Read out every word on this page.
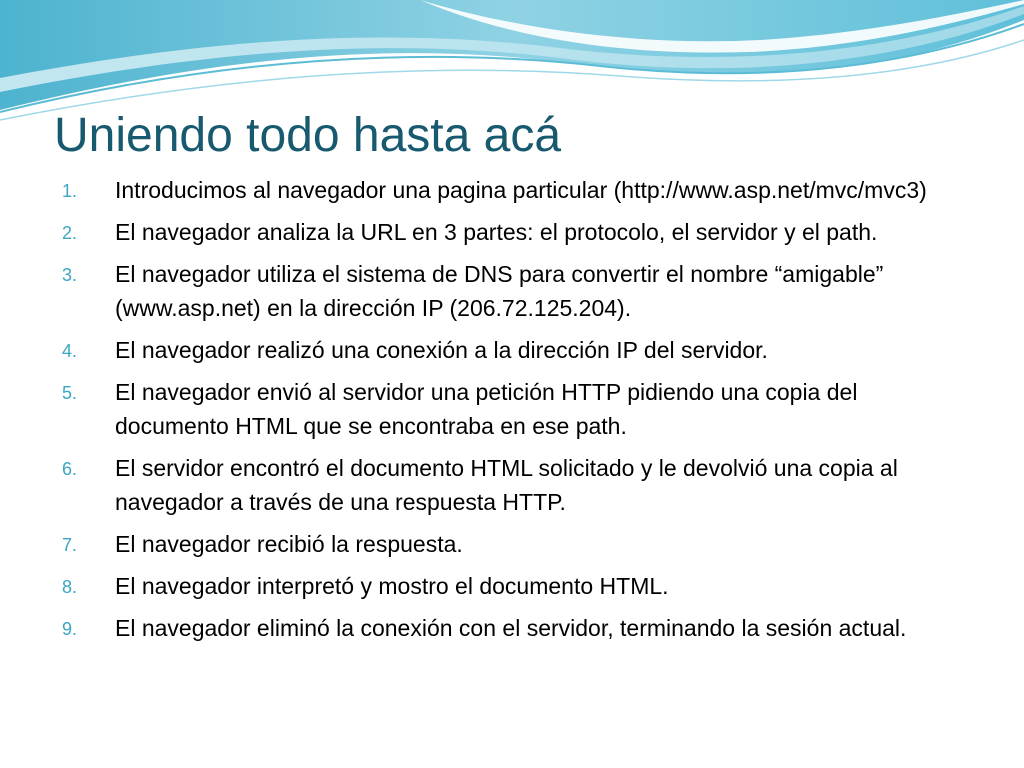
Uniendo todo hasta acá
1. Introducimos al navegador una pagina particular (http://www.asp.net/mvc/mvc3)
2. El navegador analiza la URL en 3 partes: el protocolo, el servidor y el path.
3. El navegador utiliza el sistema de DNS para convertir el nombre “amigable” (www.asp.net) en la dirección IP (206.72.125.204).
4. El navegador realizó una conexión a la dirección IP del servidor.
5. El navegador envió al servidor una petición HTTP pidiendo una copia del documento HTML que se encontraba en ese path.
6. El servidor encontró el documento HTML solicitado y le devolvió una copia al navegador a través de una respuesta HTTP.
7. El navegador recibió la respuesta.
8. El navegador interpretó y mostro el documento HTML.
9. El navegador eliminó la conexión con el servidor, terminando la sesión actual.
